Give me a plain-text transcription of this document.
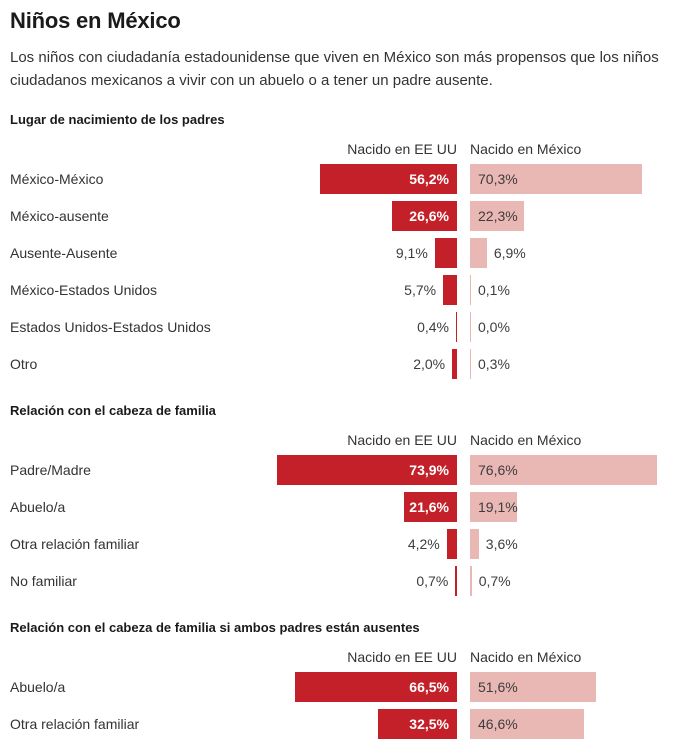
Niños en México

Los niños con ciudadanía estadounidense que viven en México son más propensos que los niños ciudadanos mexicanos a vivir con un abuelo o a tener un padre ausente.

Lugar de nacimiento de los padres
Nacido en EE UU Nacido en México
México-México	56,2% 70,3%
México-ausente	26,6% 22,3%
Ausente-Ausente	9,1%	6,9%
México-Estados Unidos	5,7%	0,1%
Estados Unidos-Estados Unidos	0,4% 0,0%
Otro	2,0% 0,3%
Relación con el cabeza de familia
Nacido en EE UU Nacido en México
Padre/Madre	73,9% 76,6%
Abuelo/a	21,6% 19,1%
Otra relación familiar	4,2%	3,6%
No familiar	0,7% 0,7%
Relación con el cabeza de familia si ambos padres están ausentes
Nacido en EE UU Nacido en México
Abuelo/a	66,5% 51,6%
Otra relación familiar	32,5% 46,6%
